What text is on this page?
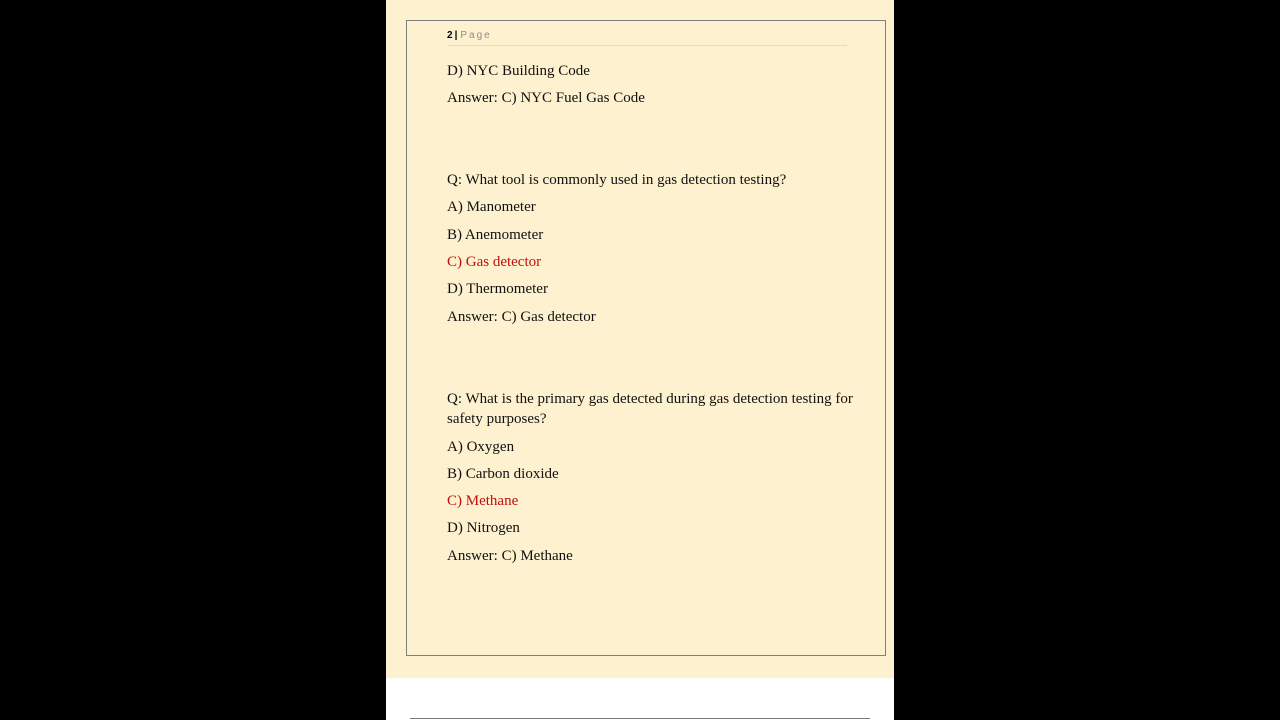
2 | Page
D) NYC Building Code
Answer: C) NYC Fuel Gas Code
Q: What tool is commonly used in gas detection testing?
A) Manometer
B) Anemometer
C) Gas detector
D) Thermometer
Answer: C) Gas detector
Q: What is the primary gas detected during gas detection testing for safety purposes?
A) Oxygen
B) Carbon dioxide
C) Methane
D) Nitrogen
Answer: C) Methane
